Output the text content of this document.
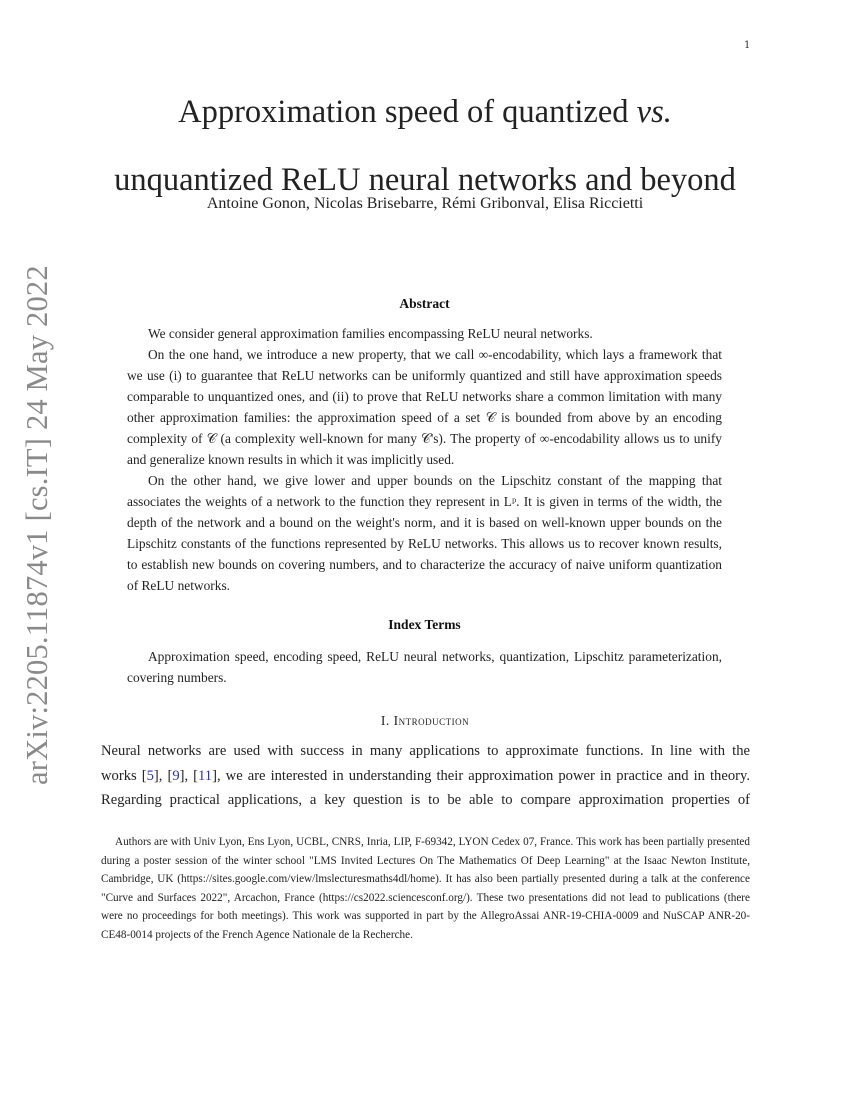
1
arXiv:2205.11874v1 [cs.IT] 24 May 2022
Approximation speed of quantized vs.
unquantized ReLU neural networks and beyond
Antoine Gonon, Nicolas Brisebarre, Rémi Gribonval, Elisa Riccietti
Abstract

We consider general approximation families encompassing ReLU neural networks.

On the one hand, we introduce a new property, that we call ∞-encodability, which lays a framework that we use (i) to guarantee that ReLU networks can be uniformly quantized and still have approximation speeds comparable to unquantized ones, and (ii) to prove that ReLU networks share a common limitation with many other approximation families: the approximation speed of a set 𝒞 is bounded from above by an encoding complexity of 𝒞 (a complexity well-known for many 𝒞's). The property of ∞-encodability allows us to unify and generalize known results in which it was implicitly used.

On the other hand, we give lower and upper bounds on the Lipschitz constant of the mapping that associates the weights of a network to the function they represent in Lᵖ. It is given in terms of the width, the depth of the network and a bound on the weight's norm, and it is based on well-known upper bounds on the Lipschitz constants of the functions represented by ReLU networks. This allows us to recover known results, to establish new bounds on covering numbers, and to characterize the accuracy of naive uniform quantization of ReLU networks.

Index Terms

Approximation speed, encoding speed, ReLU neural networks, quantization, Lipschitz parameterization, covering numbers.

I. Introduction

Neural networks are used with success in many applications to approximate functions. In line with the

works [5], [9], [11], we are interested in understanding their approximation power in practice and in theory.

Regarding practical applications, a key question is to be able to compare approximation properties of

Authors are with Univ Lyon, Ens Lyon, UCBL, CNRS, Inria, LIP, F-69342, LYON Cedex 07, France. This work has been partially presented during a poster session of the winter school "LMS Invited Lectures On The Mathematics Of Deep Learning" at the Isaac Newton Institute, Cambridge, UK (https://sites.google.com/view/lmslecturesmaths4dl/home). It has also been partially presented during a talk at the conference "Curve and Surfaces 2022", Arcachon, France (https://cs2022.sciencesconf.org/). These two presentations did not lead to publications (there were no proceedings for both meetings). This work was supported in part by the AllegroAssai ANR-19-CHIA-0009 and NuSCAP ANR-20-CE48-0014 projects of the French Agence Nationale de la Recherche.
